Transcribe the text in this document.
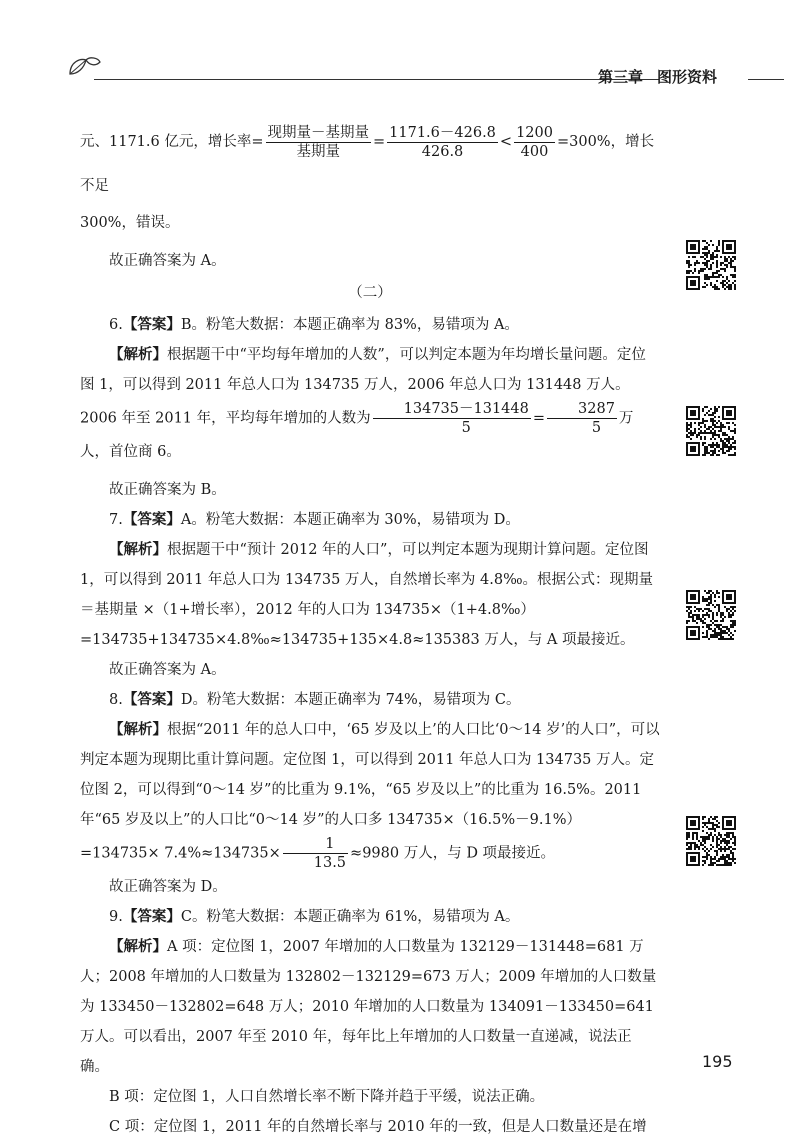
第三章 图形资料

元、1171.6 亿元，增长率= $\frac{\text{现期量－基期量}}{\text{基期量}} = \frac{1171.6-426.8}{426.8} < \frac{1200}{400} =300\%$，增长不足

300%，错误。

故正确答案为 A。

（二）

6.【答案】B。粉笔大数据：本题正确率为 83%，易错项为 A。

【解析】根据题干中“平均每年增加的人数”，可以判定本题为年均增长量问题。定位图 1，可以得到 2011 年总人口为 134735 万人，2006 年总人口为 131448 万人。2006 年至 2011 年，平均每年增加的人数为 $\frac{134735-131448}{5} = \frac{3287}{5}$ 万人，首位商 6。

故正确答案为 B。

7.【答案】A。粉笔大数据：本题正确率为 30%，易错项为 D。

【解析】根据题干中“预计 2012 年的人口”，可以判定本题为现期计算问题。定位图 1，可以得到 2011 年总人口为 134735 万人，自然增长率为 4.8‰。根据公式：现期量＝基期量 ×（1+增长率），2012 年的人口为 134735×（1+4.8‰）=134735+134735×4.8‰≈134735+135×4.8≈135383 万人，与 A 项最接近。

故正确答案为 A。

8.【答案】D。粉笔大数据：本题正确率为 74%，易错项为 C。

【解析】根据“2011 年的总人口中，‘65 岁及以上’的人口比‘0～14 岁’的人口”，可以判定本题为现期比重计算问题。定位图 1，可以得到 2011 年总人口为 134735 万人。定位图 2，可以得到“0～14 岁”的比重为 9.1%，“65 岁及以上”的比重为 16.5%。2011 年“65 岁及以上”的人口比“0～14 岁”的人口多 $134735\times(16.5\%-9.1\%)=134735\times 7.4\%\approx 134735\times \frac{1}{13.5} \approx 9980$ 万人，与 D 项最接近。

故正确答案为 D。

9.【答案】C。粉笔大数据：本题正确率为 61%，易错项为 A。

【解析】A 项：定位图 1，2007 年增加的人口数量为 132129－131448=681 万人；2008 年增加的人口数量为 132802－132129=673 万人；2009 年增加的人口数量为 133450－132802=648 万人；2010 年增加的人口数量为 134091－133450=641 万人。可以看出，2007 年至 2010 年，每年比上年增加的人口数量一直递减，说法正确。

B 项：定位图 1，人口自然增长率不断下降并趋于平缓，说法正确。

C 项：定位图 1，2011 年的自然增长率与 2010 年的一致，但是人口数量还是在增

195
